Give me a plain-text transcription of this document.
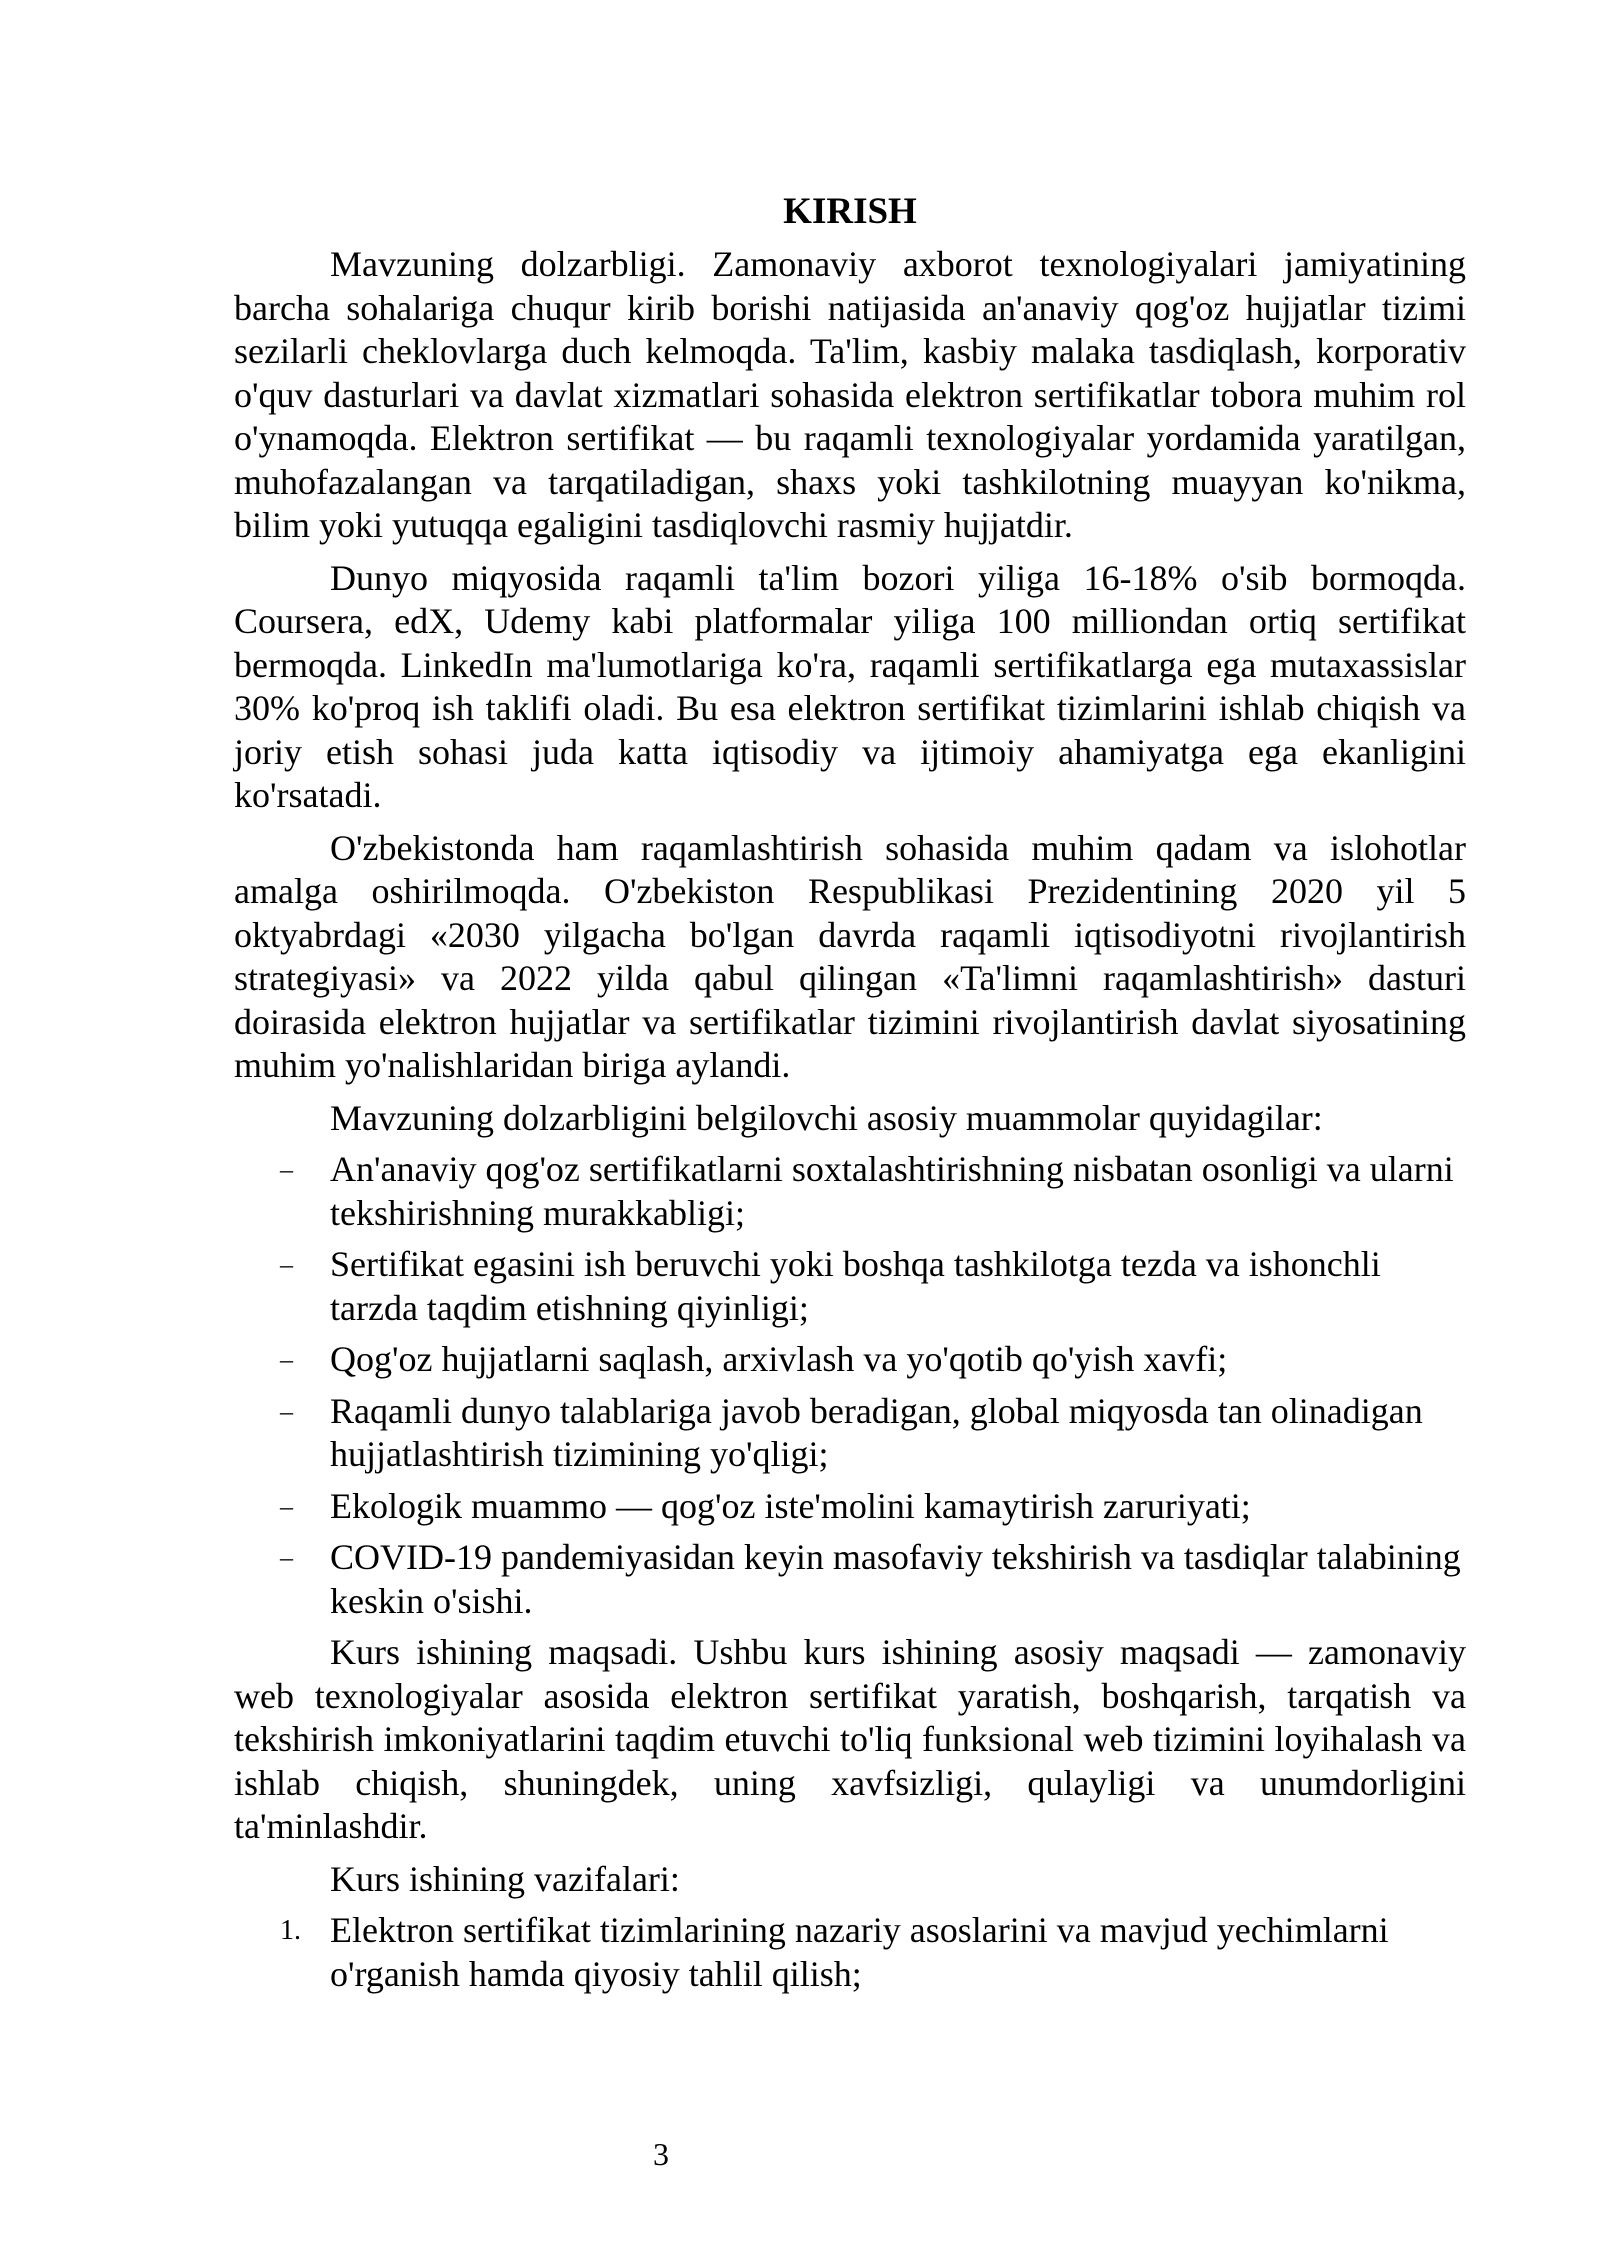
KIRISH

Mavzuning dolzarbligi. Zamonaviy axborot texnologiyalari jamiyatining barcha sohalariga chuqur kirib borishi natijasida an'anaviy qog'oz hujjatlar tizimi sezilarli cheklovlarga duch kelmoqda. Ta'lim, kasbiy malaka tasdiqlash, korporativ o'quv dasturlari va davlat xizmatlari sohasida elektron sertifikatlar tobora muhim rol o'ynamoqda. Elektron sertifikat — bu raqamli texnologiyalar yordamida yaratilgan, muhofazalangan va tarqatiladigan, shaxs yoki tashkilotning muayyan ko'nikma, bilim yoki yutuqqa egaligini tasdiqlovchi rasmiy hujjatdir.

Dunyo miqyosida raqamli ta'lim bozori yiliga 16-18% o'sib bormoqda. Coursera, edX, Udemy kabi platformalar yiliga 100 milliondan ortiq sertifikat bermoqda. LinkedIn ma'lumotlariga ko'ra, raqamli sertifikatlarga ega mutaxassislar 30% ko'proq ish taklifi oladi. Bu esa elektron sertifikat tizimlarini ishlab chiqish va joriy etish sohasi juda katta iqtisodiy va ijtimoiy ahamiyatga ega ekanligini ko'rsatadi.

O'zbekistonda ham raqamlashtirish sohasida muhim qadam va islohotlar amalga oshirilmoqda. O'zbekiston Respublikasi Prezidentining 2020 yil 5 oktyabrdagi «2030 yilgacha bo'lgan davrda raqamli iqtisodiyotni rivojlantirish strategiyasi» va 2022 yilda qabul qilingan «Ta'limni raqamlashtirish» dasturi doirasida elektron hujjatlar va sertifikatlar tizimini rivojlantirish davlat siyosatining muhim yo'nalishlaridan biriga aylandi.

Mavzuning dolzarbligini belgilovchi asosiy muammolar quyidagilar:

– An'anaviy qog'oz sertifikatlarni soxtalashtirishning nisbatan osonligi va ularni tekshirishning murakkabligi;
– Sertifikat egasini ish beruvchi yoki boshqa tashkilotga tezda va ishonchli tarzda taqdim etishning qiyinligi;
– Qog'oz hujjatlarni saqlash, arxivlash va yo'qotib qo'yish xavfi;
– Raqamli dunyo talablariga javob beradigan, global miqyosda tan olinadigan hujjatlashtirish tizimining yo'qligi;
– Ekologik muammo — qog'oz iste'molini kamaytirish zaruriyati;
– COVID-19 pandemiyasidan keyin masofaviy tekshirish va tasdiqlar talabining keskin o'sishi.

Kurs ishining maqsadi. Ushbu kurs ishining asosiy maqsadi — zamonaviy web texnologiyalar asosida elektron sertifikat yaratish, boshqarish, tarqatish va tekshirish imkoniyatlarini taqdim etuvchi to'liq funksional web tizimini loyihalash va ishlab chiqish, shuningdek, uning xavfsizligi, qulayligi va unumdorligini ta'minlashdir.

Kurs ishining vazifalari:

1. Elektron sertifikat tizimlarining nazariy asoslarini va mavjud yechimlarni o'rganish hamda qiyosiy tahlil qilish;
3
